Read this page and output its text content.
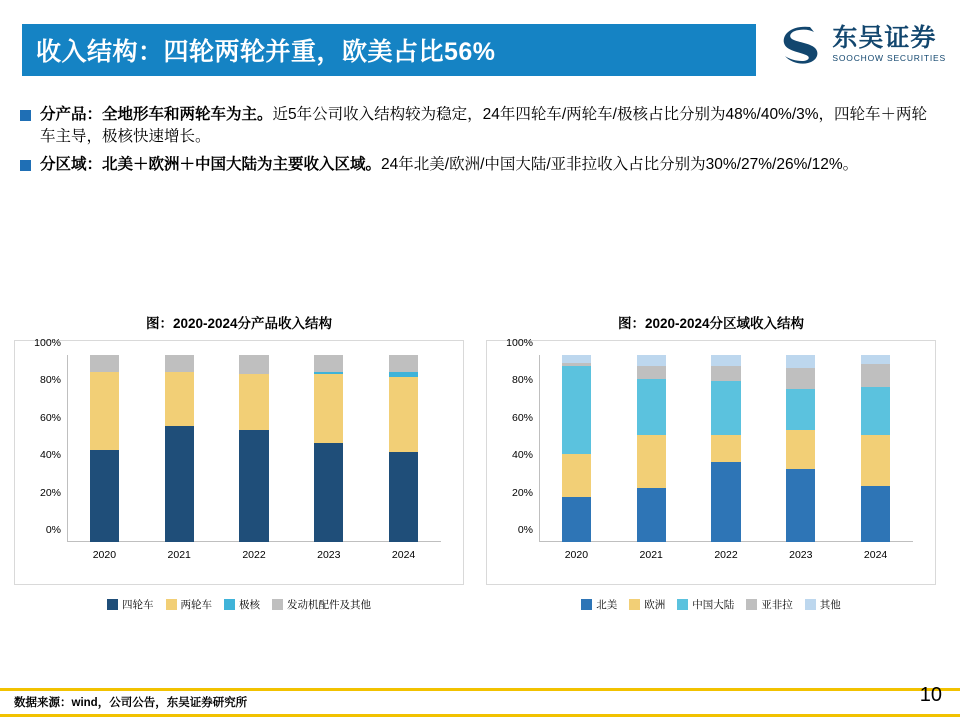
收入结构：四轮两轮并重，欧美占比56%
东吴证券
SOOCHOW SECURITIES
分产品：全地形车和两轮车为主。近5年公司收入结构较为稳定，24年四轮车/两轮车/极核占比分别为48%/40%/3%，四轮车＋两轮车主导，极核快速增长。
分区域：北美＋欧洲＋中国大陆为主要收入区域。24年北美/欧洲/中国大陆/亚非拉收入占比分别为30%/27%/26%/12%。
图：2020-2024分产品收入结构
2020	2021	2022	2023	2024
0%
20%
40%
60%
80%
100%
四轮车	两轮车	极核	发动机配件及其他
图：2020-2024分区域收入结构
2020	2021	2022	2023	2024
0%
20%
40%
60%
80%
100%
北美	欧洲	中国大陆	亚非拉	其他
数据来源：wind，公司公告，东吴证券研究所	10
